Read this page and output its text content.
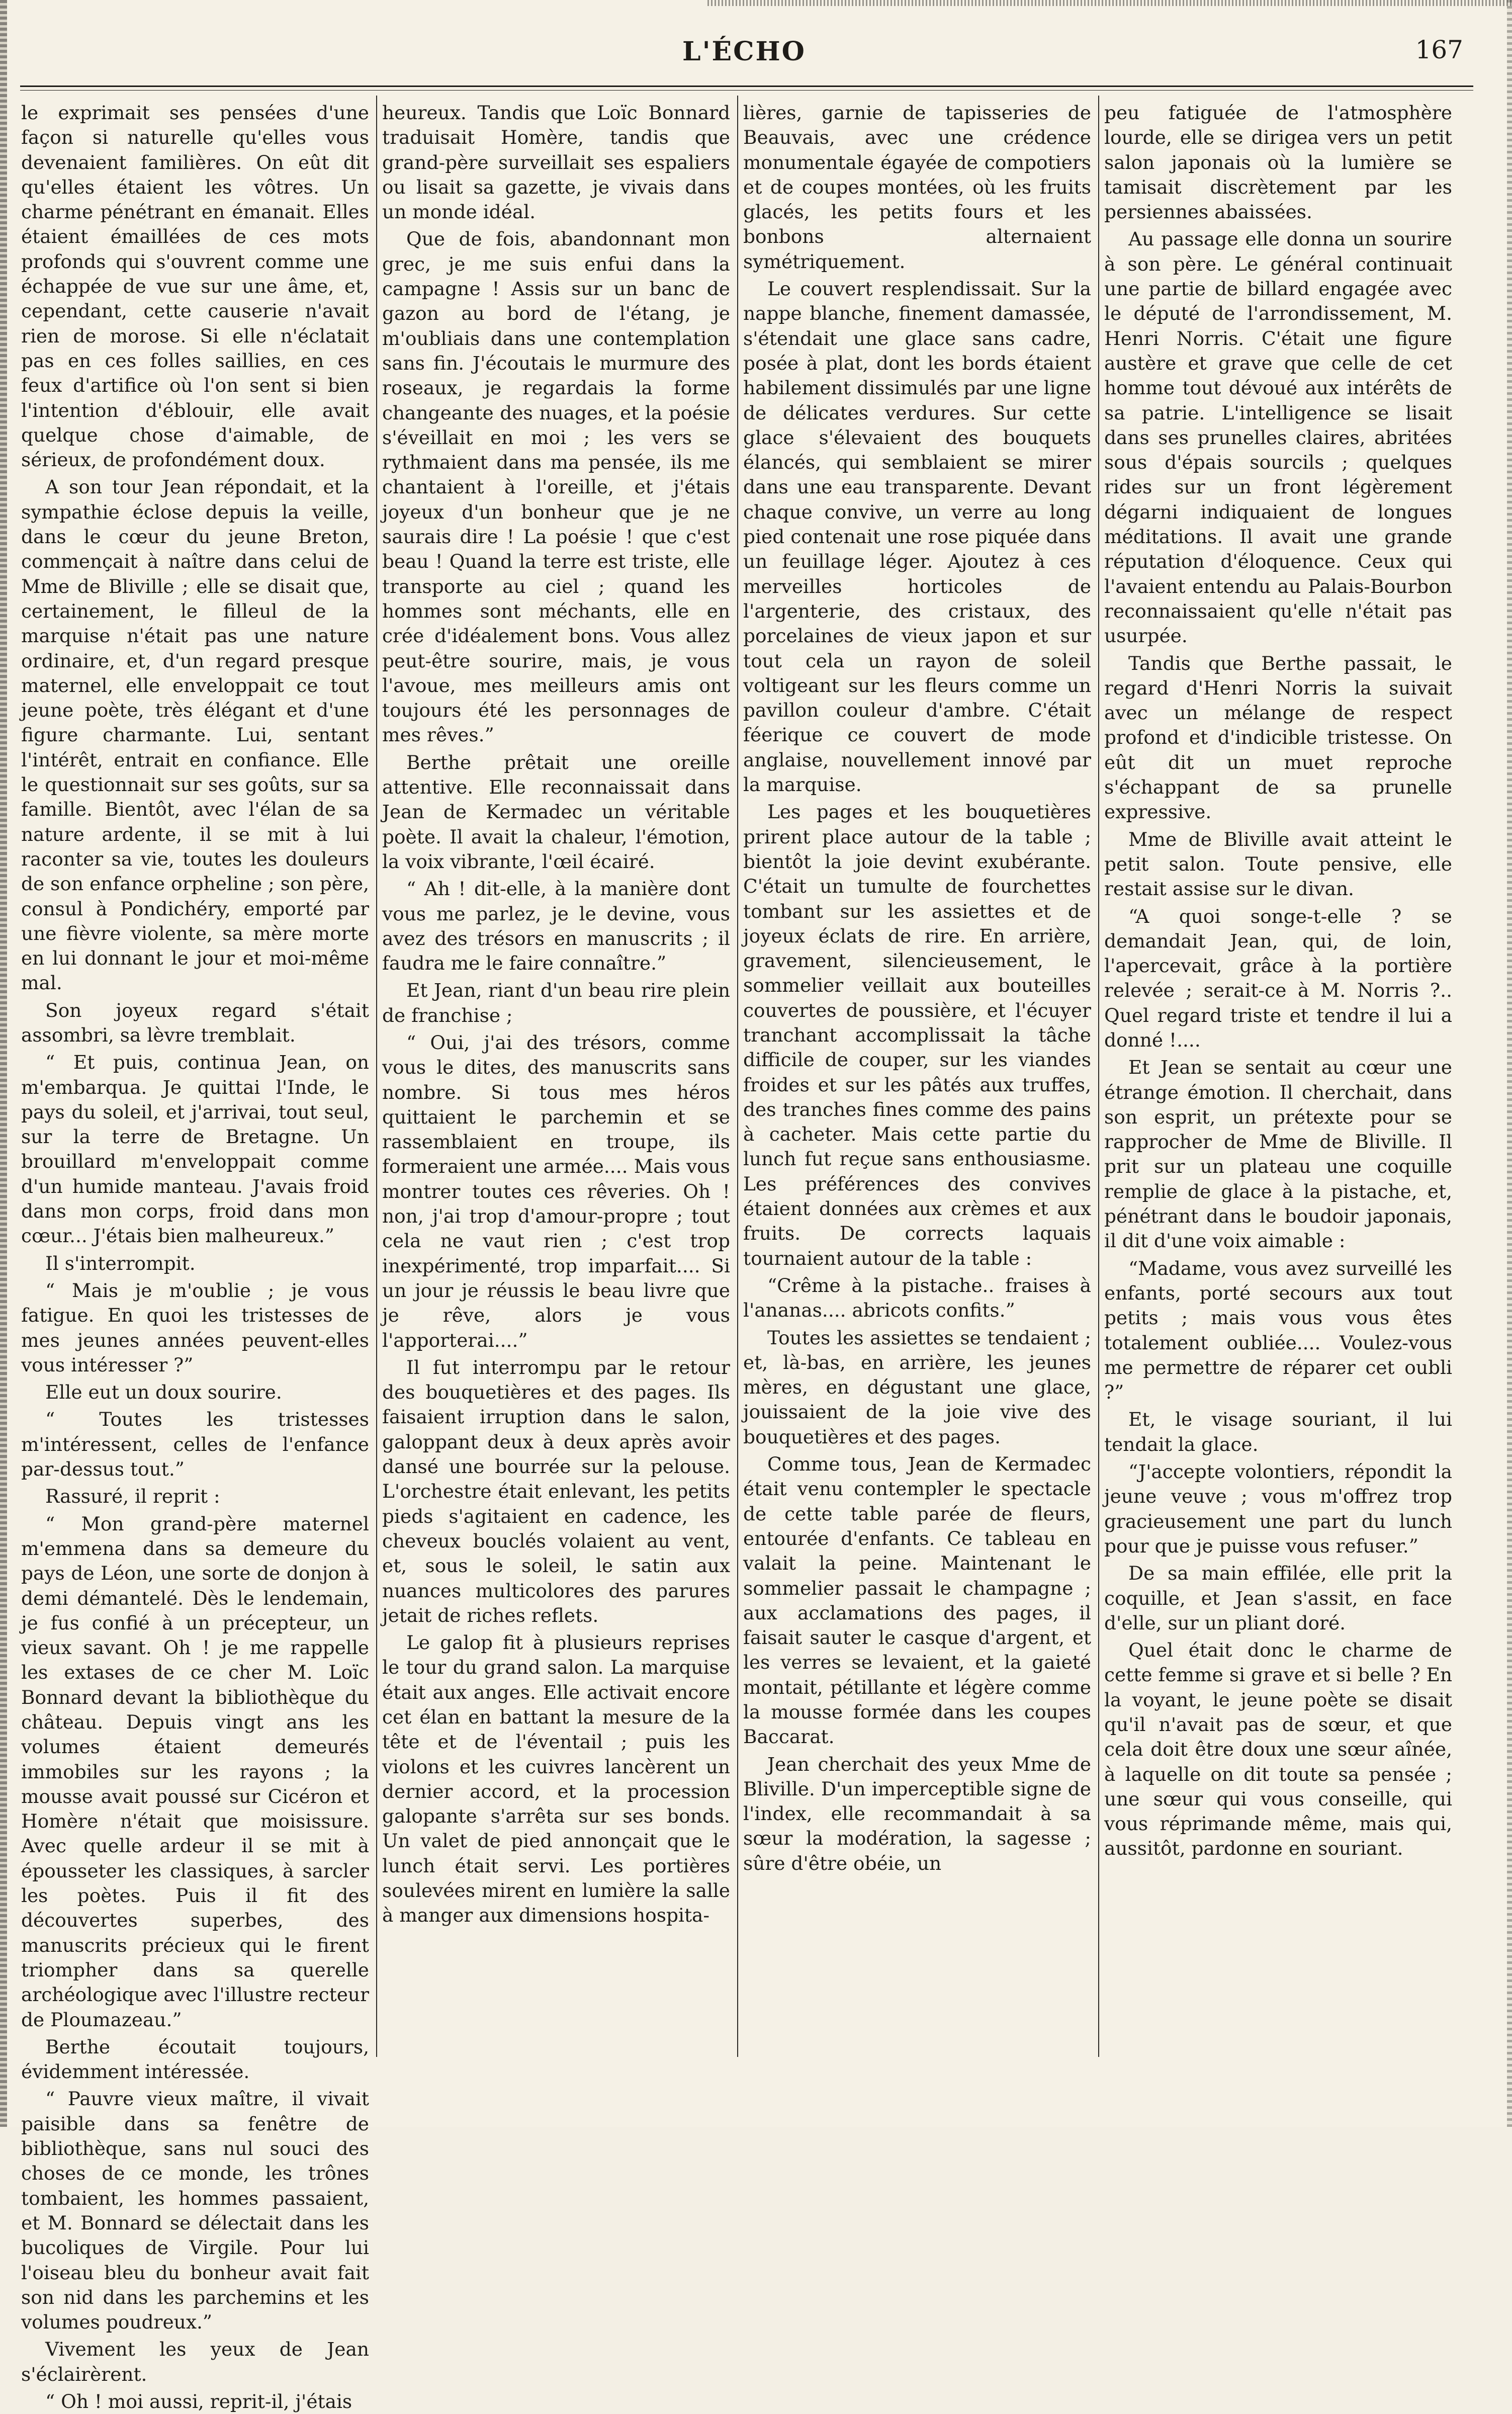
L'ÉCHO	167

le exprimait ses pensées d'une façon si naturelle qu'elles vous devenaient familières. On eût dit qu'elles étaient les vôtres. Un charme pénétrant en émanait. Elles étaient émaillées de ces mots profonds qui s'ouvrent comme une échappée de vue sur une âme, et, cependant, cette causerie n'avait rien de morose. Si elle n'éclatait pas en ces folles saillies, en ces feux d'artifice où l'on sent si bien l'intention d'éblouir, elle avait quelque chose d'aimable, de sérieux, de profondément doux.

A son tour Jean répondait, et la sympathie éclose depuis la veille, dans le cœur du jeune Breton, commençait à naître dans celui de Mme de Bliville ; elle se disait que, certainement, le filleul de la marquise n'était pas une nature ordinaire, et, d'un regard presque maternel, elle enveloppait ce tout jeune poète, très élégant et d'une figure charmante. Lui, sentant l'intérêt, entrait en confiance. Elle le questionnait sur ses goûts, sur sa famille. Bientôt, avec l'élan de sa nature ardente, il se mit à lui raconter sa vie, toutes les douleurs de son enfance orpheline ; son père, consul à Pondichéry, emporté par une fièvre violente, sa mère morte en lui donnant le jour et moi-même mal.

Son joyeux regard s'était assombri, sa lèvre tremblait.

“ Et puis, continua Jean, on m'embarqua. Je quittai l'Inde, le pays du soleil, et j'arrivai, tout seul, sur la terre de Bretagne. Un brouillard m'enveloppait comme d'un humide manteau. J'avais froid dans mon corps, froid dans mon cœur... J'étais bien malheureux.”

Il s'interrompit.

“ Mais je m'oublie ; je vous fatigue. En quoi les tristesses de mes jeunes années peuvent-elles vous intéresser ?”

Elle eut un doux sourire.

“ Toutes les tristesses m'intéressent, celles de l'enfance par-dessus tout.”

Rassuré, il reprit :

“ Mon grand-père maternel m'emmena dans sa demeure du pays de Léon, une sorte de donjon à demi démantelé. Dès le lendemain, je fus confié à un précepteur, un vieux savant. Oh ! je me rappelle les extases de ce cher M. Loïc Bonnard devant la bibliothèque du château. Depuis vingt ans les volumes étaient demeurés immobiles sur les rayons ; la mousse avait poussé sur Cicéron et Homère n'était que moisissure. Avec quelle ardeur il se mit à épousseter les classiques, à sarcler les poètes. Puis il fit des découvertes superbes, des manuscrits précieux qui le firent triompher dans sa querelle archéologique avec l'illustre recteur de Ploumazeau.”

Berthe écoutait toujours, évidemment intéressée.

“ Pauvre vieux maître, il vivait paisible dans sa fenêtre de bibliothèque, sans nul souci des choses de ce monde, les trônes tombaient, les hommes passaient, et M. Bonnard se délectait dans les bucoliques de Virgile. Pour lui l'oiseau bleu du bonheur avait fait son nid dans les parchemins et les volumes poudreux.”

Vivement les yeux de Jean s'éclairèrent.

“ Oh ! moi aussi, reprit-il, j'étais

heureux. Tandis que Loïc Bonnard traduisait Homère, tandis que grand-père surveillait ses espaliers ou lisait sa gazette, je vivais dans un monde idéal.

Que de fois, abandonnant mon grec, je me suis enfui dans la campagne ! Assis sur un banc de gazon au bord de l'étang, je m'oubliais dans une contemplation sans fin. J'écoutais le murmure des roseaux, je regardais la forme changeante des nuages, et la poésie s'éveillait en moi ; les vers se rythmaient dans ma pensée, ils me chantaient à l'oreille, et j'étais joyeux d'un bonheur que je ne saurais dire ! La poésie ! que c'est beau ! Quand la terre est triste, elle transporte au ciel ; quand les hommes sont méchants, elle en crée d'idéalement bons. Vous allez peut-être sourire, mais, je vous l'avoue, mes meilleurs amis ont toujours été les personnages de mes rêves.”

Berthe prêtait une oreille attentive. Elle reconnaissait dans Jean de Kermadec un véritable poète. Il avait la chaleur, l'émotion, la voix vibrante, l'œil écairé.

“ Ah ! dit-elle, à la manière dont vous me parlez, je le devine, vous avez des trésors en manuscrits ; il faudra me le faire connaître.”

Et Jean, riant d'un beau rire plein de franchise ;

“ Oui, j'ai des trésors, comme vous le dites, des manuscrits sans nombre. Si tous mes héros quittaient le parchemin et se rassemblaient en troupe, ils formeraient une armée.... Mais vous montrer toutes ces rêveries. Oh ! non, j'ai trop d'amour-propre ; tout cela ne vaut rien ; c'est trop inexpérimenté, trop imparfait.... Si un jour je réussis le beau livre que je rêve, alors je vous l'apporterai....”

Il fut interrompu par le retour des bouquetières et des pages. Ils faisaient irruption dans le salon, galoppant deux à deux après avoir dansé une bourrée sur la pelouse. L'orchestre était enlevant, les petits pieds s'agitaient en cadence, les cheveux bouclés volaient au vent, et, sous le soleil, le satin aux nuances multicolores des parures jetait de riches reflets.

Le galop fit à plusieurs reprises le tour du grand salon. La marquise était aux anges. Elle activait encore cet élan en battant la mesure de la tête et de l'éventail ; puis les violons et les cuivres lancèrent un dernier accord, et la procession galopante s'arrêta sur ses bonds. Un valet de pied annonçait que le lunch était servi. Les portières soulevées mirent en lumière la salle à manger aux dimensions hospita-

lières, garnie de tapisseries de Beauvais, avec une crédence monumentale égayée de compotiers et de coupes montées, où les fruits glacés, les petits fours et les bonbons alternaient symétriquement.

Le couvert resplendissait. Sur la nappe blanche, finement damassée, s'étendait une glace sans cadre, posée à plat, dont les bords étaient habilement dissimulés par une ligne de délicates verdures. Sur cette glace s'élevaient des bouquets élancés, qui semblaient se mirer dans une eau transparente. Devant chaque convive, un verre au long pied contenait une rose piquée dans un feuillage léger. Ajoutez à ces merveilles horticoles de l'argenterie, des cristaux, des porcelaines de vieux japon et sur tout cela un rayon de soleil voltigeant sur les fleurs comme un pavillon couleur d'ambre. C'était féerique ce couvert de mode anglaise, nouvellement innové par la marquise.

Les pages et les bouquetières prirent place autour de la table ; bientôt la joie devint exubérante. C'était un tumulte de fourchettes tombant sur les assiettes et de joyeux éclats de rire. En arrière, gravement, silencieusement, le sommelier veillait aux bouteilles couvertes de poussière, et l'écuyer tranchant accomplissait la tâche difficile de couper, sur les viandes froides et sur les pâtés aux truffes, des tranches fines comme des pains à cacheter. Mais cette partie du lunch fut reçue sans enthousiasme. Les préférences des convives étaient données aux crèmes et aux fruits. De corrects laquais tournaient autour de la table :

“Crême à la pistache.. fraises à l'ananas.... abricots confits.”

Toutes les assiettes se tendaient ; et, là-bas, en arrière, les jeunes mères, en dégustant une glace, jouissaient de la joie vive des bouquetières et des pages.

Comme tous, Jean de Kermadec était venu contempler le spectacle de cette table parée de fleurs, entourée d'enfants. Ce tableau en valait la peine. Maintenant le sommelier passait le champagne ; aux acclamations des pages, il faisait sauter le casque d'argent, et les verres se levaient, et la gaieté montait, pétillante et légère comme la mousse formée dans les coupes Baccarat.

Jean cherchait des yeux Mme de Bliville. D'un imperceptible signe de l'index, elle recommandait à sa sœur la modération, la sagesse ; sûre d'être obéie, un

peu fatiguée de l'atmosphère lourde, elle se dirigea vers un petit salon japonais où la lumière se tamisait discrètement par les persiennes abaissées.

Au passage elle donna un sourire à son père. Le général continuait une partie de billard engagée avec le député de l'arrondissement, M. Henri Norris. C'était une figure austère et grave que celle de cet homme tout dévoué aux intérêts de sa patrie. L'intelligence se lisait dans ses prunelles claires, abritées sous d'épais sourcils ; quelques rides sur un front légèrement dégarni indiquaient de longues méditations. Il avait une grande réputation d'éloquence. Ceux qui l'avaient entendu au Palais-Bourbon reconnaissaient qu'elle n'était pas usurpée.

Tandis que Berthe passait, le regard d'Henri Norris la suivait avec un mélange de respect profond et d'indicible tristesse. On eût dit un muet reproche s'échappant de sa prunelle expressive.

Mme de Bliville avait atteint le petit salon. Toute pensive, elle restait assise sur le divan.

“A quoi songe-t-elle ? se demandait Jean, qui, de loin, l'apercevait, grâce à la portière relevée ; serait-ce à M. Norris ?.. Quel regard triste et tendre il lui a donné !....

Et Jean se sentait au cœur une étrange émotion. Il cherchait, dans son esprit, un prétexte pour se rapprocher de Mme de Bliville. Il prit sur un plateau une coquille remplie de glace à la pistache, et, pénétrant dans le boudoir japonais, il dit d'une voix aimable :

“Madame, vous avez surveillé les enfants, porté secours aux tout petits ; mais vous vous êtes totalement oubliée.... Voulez-vous me permettre de réparer cet oubli ?”

Et, le visage souriant, il lui tendait la glace.

“J'accepte volontiers, répondit la jeune veuve ; vous m'offrez trop gracieusement une part du lunch pour que je puisse vous refuser.”

De sa main effilée, elle prit la coquille, et Jean s'assit, en face d'elle, sur un pliant doré.

Quel était donc le charme de cette femme si grave et si belle ? En la voyant, le jeune poète se disait qu'il n'avait pas de sœur, et que cela doit être doux une sœur aînée, à laquelle on dit toute sa pensée ; une sœur qui vous conseille, qui vous réprimande même, mais qui, aussitôt, pardonne en souriant.
